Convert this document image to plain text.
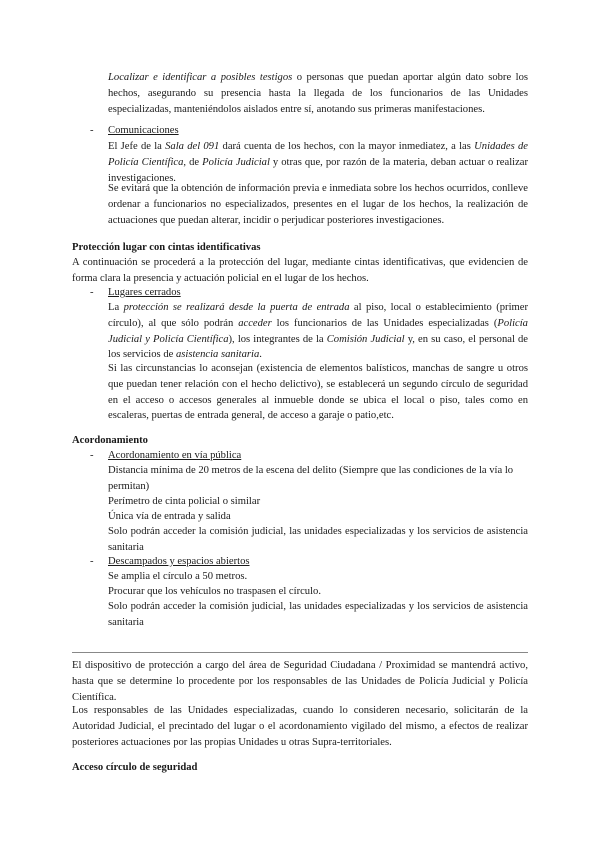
Localizar e identificar a posibles testigos o personas que puedan aportar algún dato sobre los hechos, asegurando su presencia hasta la llegada de los funcionarios de las Unidades especializadas, manteniéndolos aislados entre sí, anotando sus primeras manifestaciones.

- Comunicaciones

El Jefe de la Sala del 091 dará cuenta de los hechos, con la mayor inmediatez, a las Unidades de Policía Científica, de Policía Judicial y otras que, por razón de la materia, deban actuar o realizar investigaciones.

Se evitará que la obtención de información previa e inmediata sobre los hechos ocurridos, conlleve ordenar a funcionarios no especializados, presentes en el lugar de los hechos, la realización de actuaciones que puedan alterar, incidir o perjudicar posteriores investigaciones.

Protección lugar con cintas identificativas

A continuación se procederá a la protección del lugar, mediante cintas identificativas, que evidencien de forma clara la presencia y actuación policial en el lugar de los hechos.

- Lugares cerrados

La protección se realizará desde la puerta de entrada al piso, local o establecimiento (primer círculo), al que sólo podrán acceder los funcionarios de las Unidades especializadas (Policía Judicial y Policía Científica), los integrantes de la Comisión Judicial y, en su caso, el personal de los servicios de asistencia sanitaria.

Si las circunstancias lo aconsejan (existencia de elementos balísticos, manchas de sangre u otros que puedan tener relación con el hecho delictivo), se establecerá un segundo círculo de seguridad en el acceso o accesos generales al inmueble donde se ubica el local o piso, tales como en escaleras, puertas de entrada general, de acceso a garaje o patio,etc.

Acordonamiento

- Acordonamiento en vía pública

Distancia mínima de 20 metros de la escena del delito (Siempre que las condiciones de la vía lo permitan)

Perímetro de cinta policial o similar

Única vía de entrada y salida

Solo podrán acceder la comisión judicial, las unidades especializadas y los servicios de asistencia sanitaria

- Descampados y espacios abiertos

Se amplia el círculo a 50 metros.

Procurar que los vehículos no traspasen el círculo.

Solo podrán acceder la comisión judicial, las unidades especializadas y los servicios de asistencia sanitaria

El dispositivo de protección a cargo del área de Seguridad Ciudadana / Proximidad se mantendrá activo, hasta que se determine lo procedente por los responsables de las Unidades de Policía Judicial y Policía Científica.

Los responsables de las Unidades especializadas, cuando lo consideren necesario, solicitarán de la Autoridad Judicial, el precintado del lugar o el acordonamiento vigilado del mismo, a efectos de realizar posteriores actuaciones por las propias Unidades u otras Supra-territoriales.

Acceso círculo de seguridad
